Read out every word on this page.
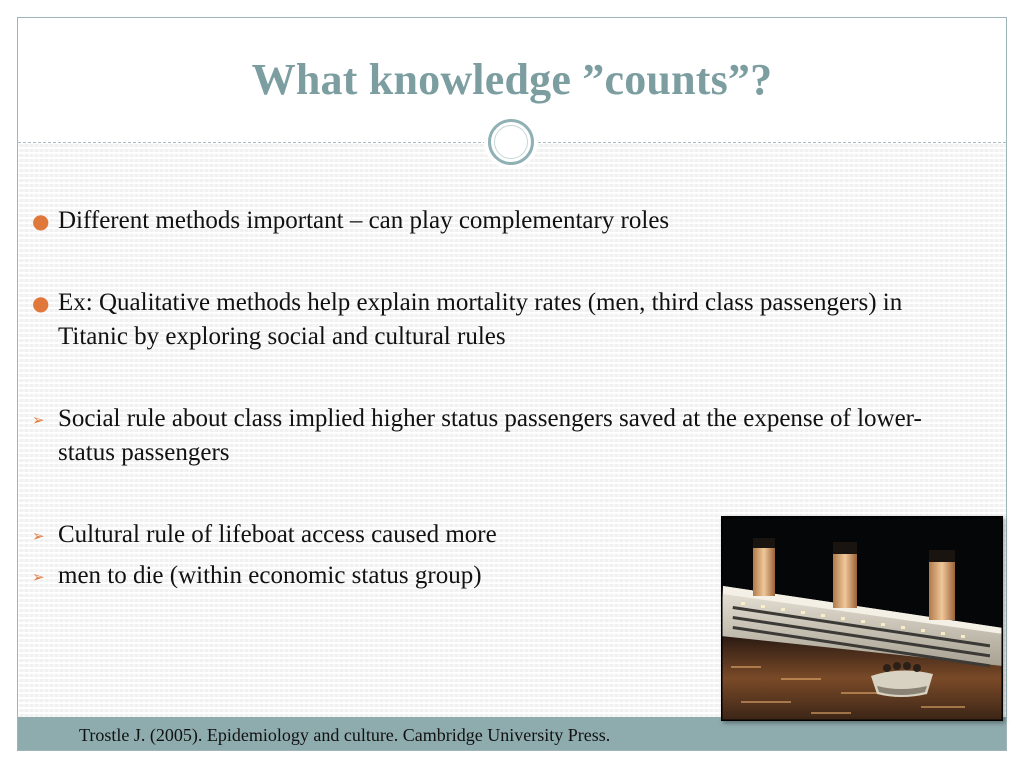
What knowledge ”counts”?
Trostle J. (2005). Epidemiology and culture. Cambridge University Press.
● Different methods important – can play complementary roles
● Ex: Qualitative methods help explain mortality rates (men, third class passengers) in Titanic by exploring social and cultural rules
➢ Social rule about class implied higher status passengers saved at the expense of lower-status passengers
➢ Cultural rule of lifeboat access caused more
➢ men to die (within economic status group)
